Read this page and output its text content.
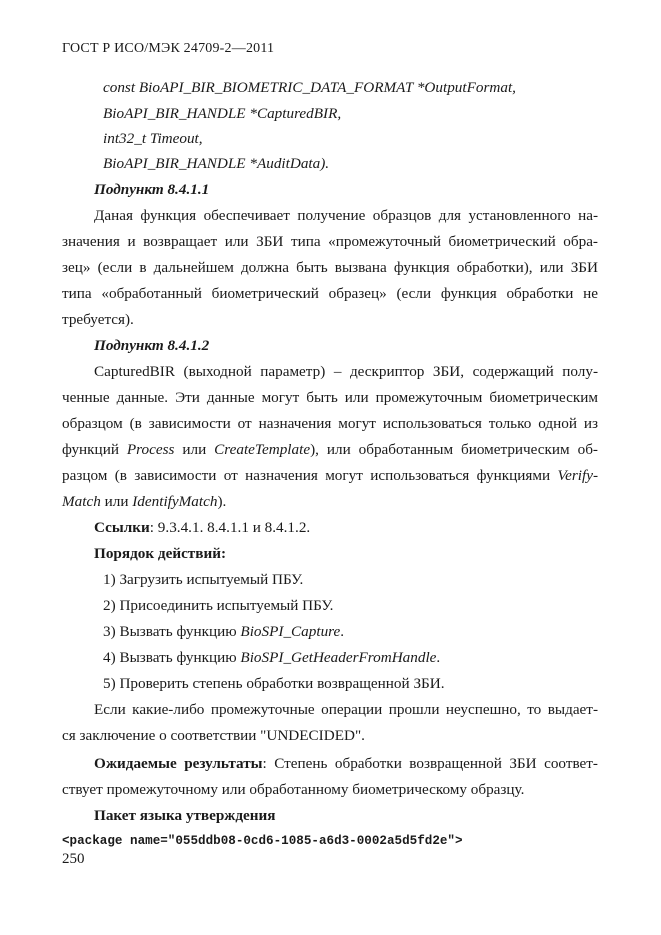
ГОСТ Р ИСО/МЭК 24709-2—2011
const BioAPI_BIR_BIOMETRIC_DATA_FORMAT *OutputFormat,
BioAPI_BIR_HANDLE *CapturedBIR,
int32_t Timeout,
BioAPI_BIR_HANDLE *AuditData).
Подпункт 8.4.1.1
Даная функция обеспечивает получение образцов для установленного на-
значения и возвращает или ЗБИ типа «промежуточный биометрический обра-
зец» (если в дальнейшем должна быть вызвана функция обработки), или ЗБИ
типа «обработанный биометрический образец» (если функция обработки не
требуется).
Подпункт 8.4.1.2
CapturedBIR (выходной параметр) – дескриптор ЗБИ, содержащий полу-
ченные данные. Эти данные могут быть или промежуточным биометрическим
образцом (в зависимости от назначения могут использоваться только одной из
функций Process или CreateTemplate), или обработанным биометрическим об-
разцом (в зависимости от назначения могут использоваться функциями Verify-
Match или IdentifyMatch).
Ссылки: 9.3.4.1. 8.4.1.1 и 8.4.1.2.
Порядок действий:
1) Загрузить испытуемый ПБУ.
2) Присоединить испытуемый ПБУ.
3) Вызвать функцию BioSPI_Capture.
4) Вызвать функцию BioSPI_GetHeaderFromHandle.
5) Проверить степень обработки возвращенной ЗБИ.
Если какие-либо промежуточные операции прошли неуспешно, то выдает-
ся заключение о соответствии "UNDECIDED".
Ожидаемые результаты: Степень обработки возвращенной ЗБИ соответ-
ствует промежуточному или обработанному биометрическому образцу.
Пакет языка утверждения
<package name="055ddb08-0cd6-1085-a6d3-0002a5d5fd2e">
250
